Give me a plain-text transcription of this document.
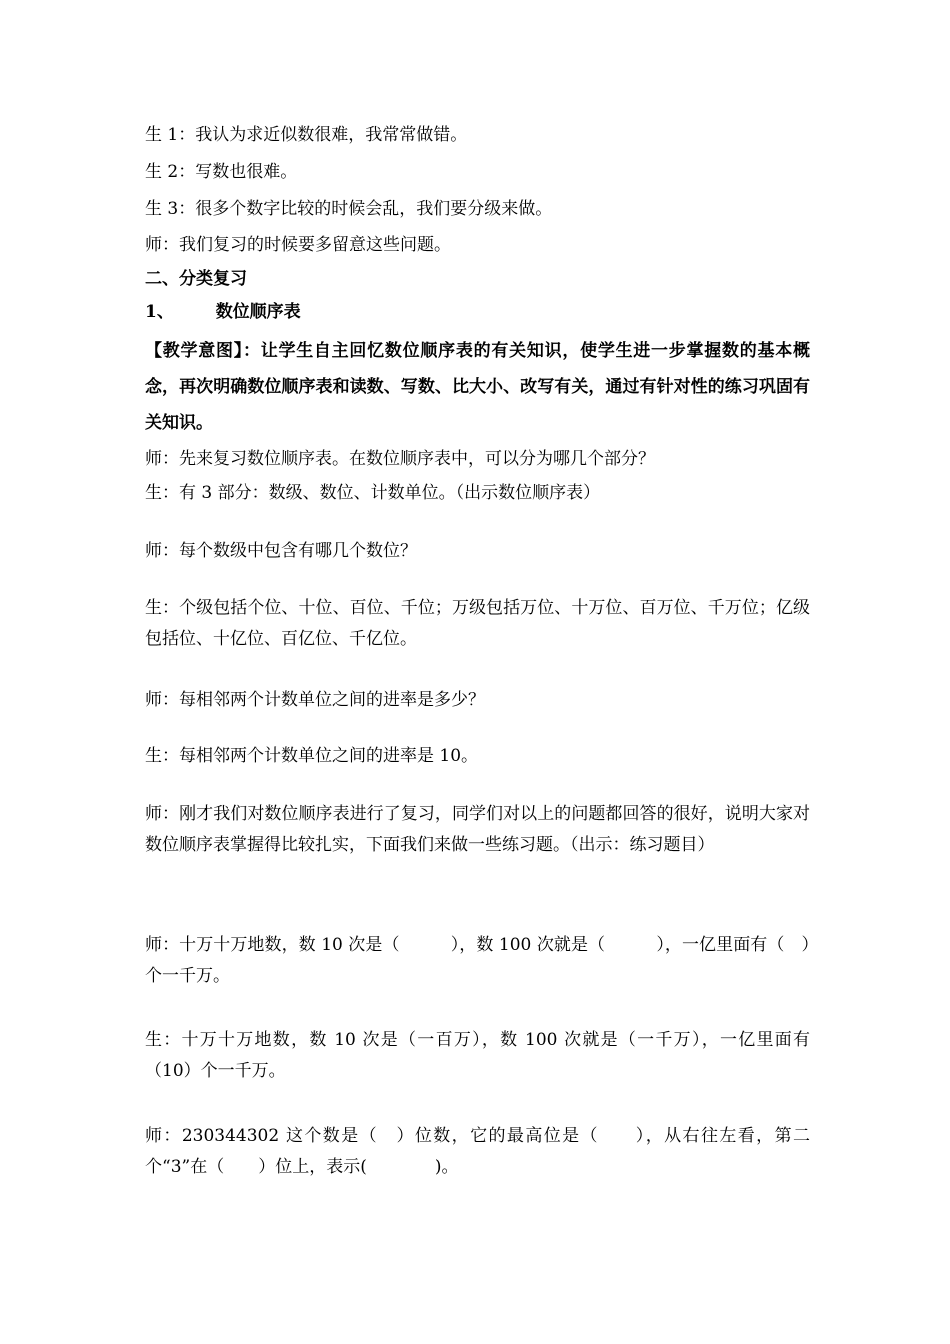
生 1：我认为求近似数很难，我常常做错。
生 2：写数也很难。
生 3：很多个数字比较的时候会乱，我们要分级来做。
师：我们复习的时候要多留意这些问题。
二、分类复习
1、 数位顺序表
【教学意图】：让学生自主回忆数位顺序表的有关知识，使学生进一步掌握数的基本概念，再次明确数位顺序表和读数、写数、比大小、改写有关，通过有针对性的练习巩固有关知识。
师：先来复习数位顺序表。在数位顺序表中，可以分为哪几个部分？
生：有 3 部分：数级、数位、计数单位。（出示数位顺序表）
师：每个数级中包含有哪几个数位？
生：个级包括个位、十位、百位、千位；万级包括万位、十万位、百万位、千万位；亿级包括位、十亿位、百亿位、千亿位。
师：每相邻两个计数单位之间的进率是多少？
生：每相邻两个计数单位之间的进率是 10。
师：刚才我们对数位顺序表进行了复习，同学们对以上的问题都回答的很好，说明大家对数位顺序表掌握得比较扎实，下面我们来做一些练习题。（出示：练习题目）
师：十万十万地数，数 10 次是（　　　），数 100 次就是（　　　），一亿里面有（　）个一千万。
生：十万十万地数，数 10 次是（一百万），数 100 次就是（一千万），一亿里面有（10）个一千万。
师：230344302 这个数是（　）位数，它的最高位是（　　），从右往左看，第二个“3”在（　　）位上，表示(　　　　)。
